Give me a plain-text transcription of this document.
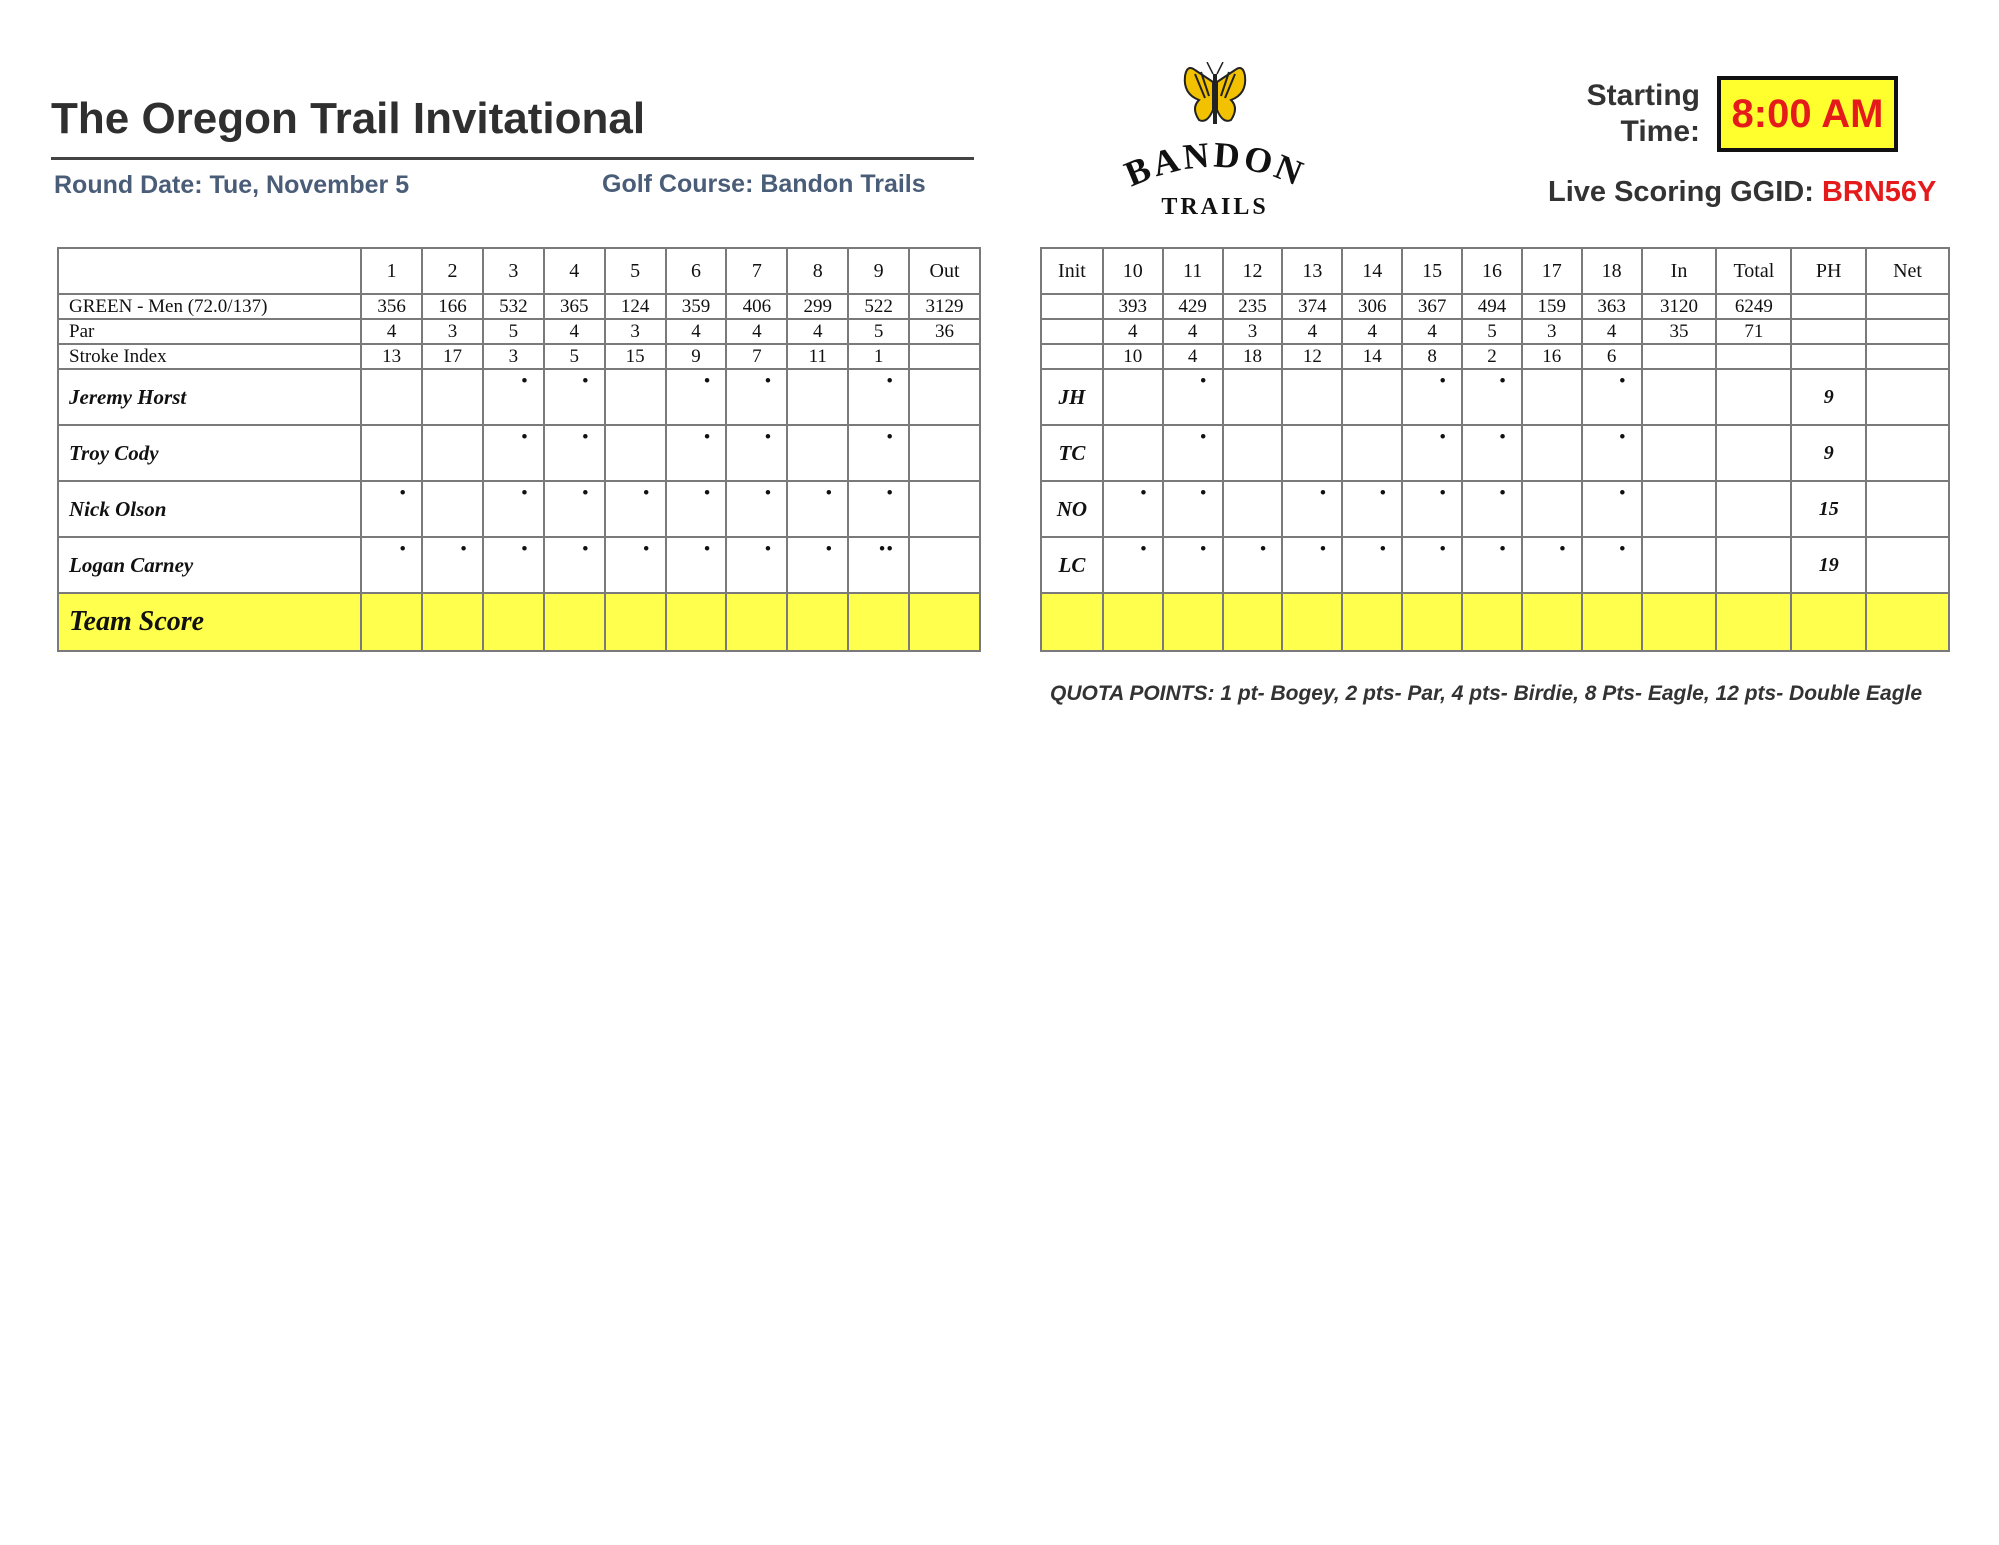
The Oregon Trail Invitational
Round Date: Tue, November 5	Golf Course: Bandon Trails	BANDON
TRAILS
Starting
Time: 8:00 AM
Live Scoring GGID: BRN56Y
	1	2	3	4	5	6	7	8	9	Out
GREEN - Men (72.0/137)	356	166	532	365	124	359	406	299	522	3129
Par	4	3	5	4	3	4	4	4	5	36
Stroke Index	13	17	3	5	15	9	7	11	1	
Jeremy Horst			•	•		•	•		•	

Troy Cody			•	•		•	•		•	

Nick Olson	•		•	•	•	•	•	•	•	

Logan Carney	•	•	•	•	•	•	•	•	••	

Team Score										
Init	10	11	12	13	14	15	16	17	18	In	Total	PH	Net
	393	429	235	374	306	367	494	159	363	3120	6249		
	4	4	3	4	4	4	5	3	4	35	71		
	10	4	18	12	14	8	2	16	6				
JH		•				•	•		•			9	
TC		•				•	•		•			9	
NO	•	•		•	•	•	•		•			15	
LC	•	•	•	•	•	•	•	•	•			19	

QUOTA POINTS: 1 pt- Bogey, 2 pts- Par, 4 pts- Birdie, 8 Pts- Eagle, 12 pts- Double Eagle
